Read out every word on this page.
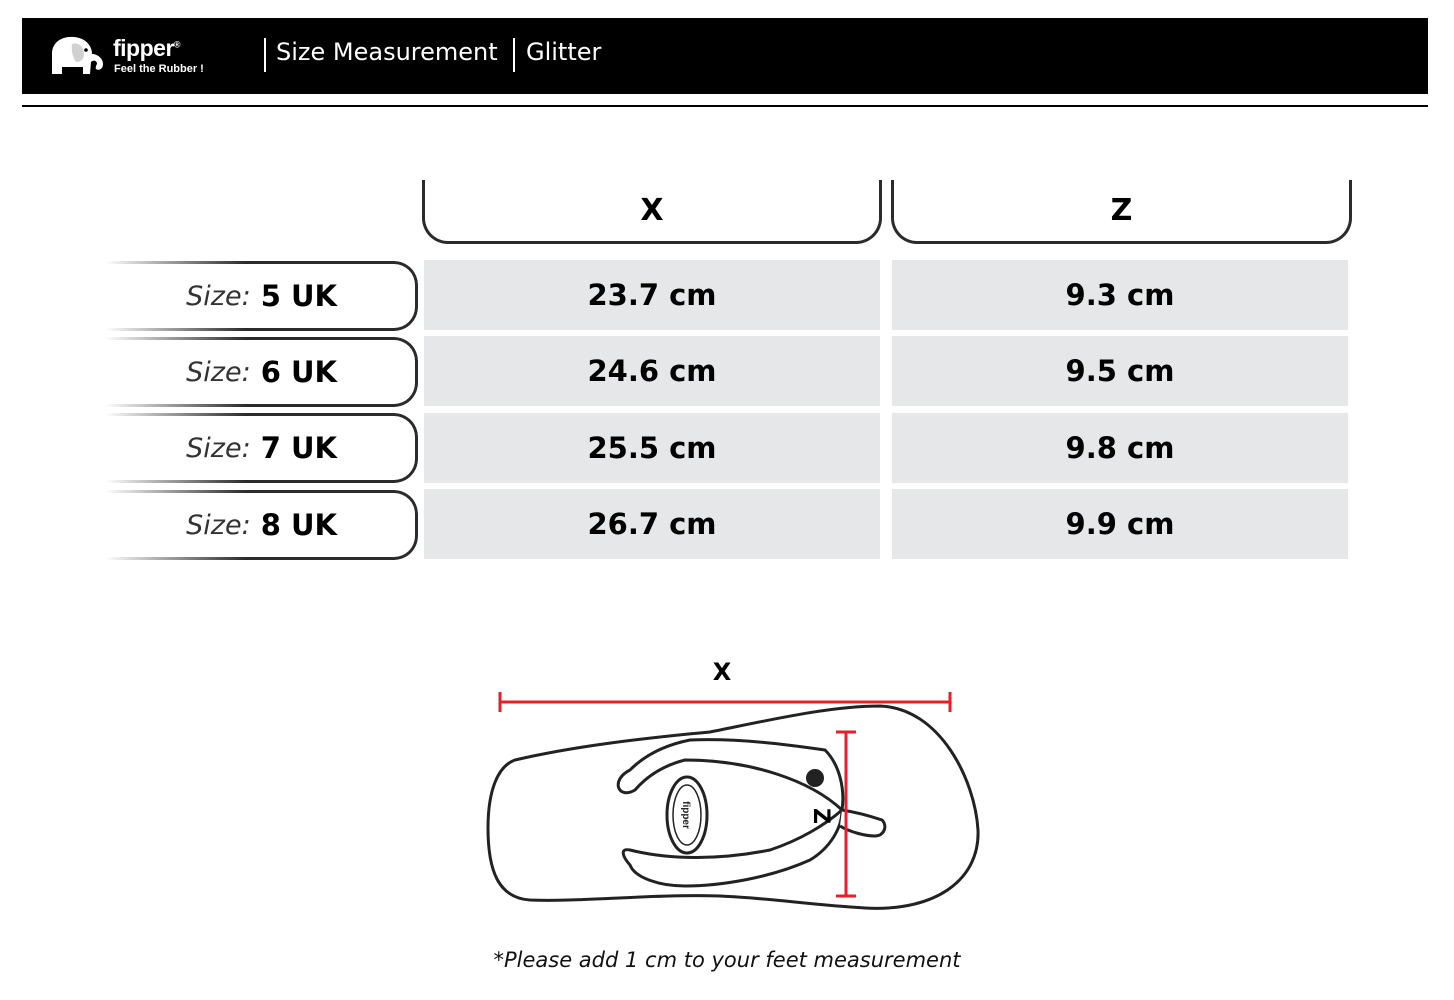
fipper®
Feel the Rubber !
Size Measurement Glitter
X	Z
Size: 5 UK	23.7 cm	9.3 cm
Size: 6 UK	24.6 cm	9.5 cm
Size: 7 UK	25.5 cm	9.8 cm
Size: 8 UK	26.7 cm	9.9 cm
X
fipper	Z
*Please add 1 cm to your feet measurement
